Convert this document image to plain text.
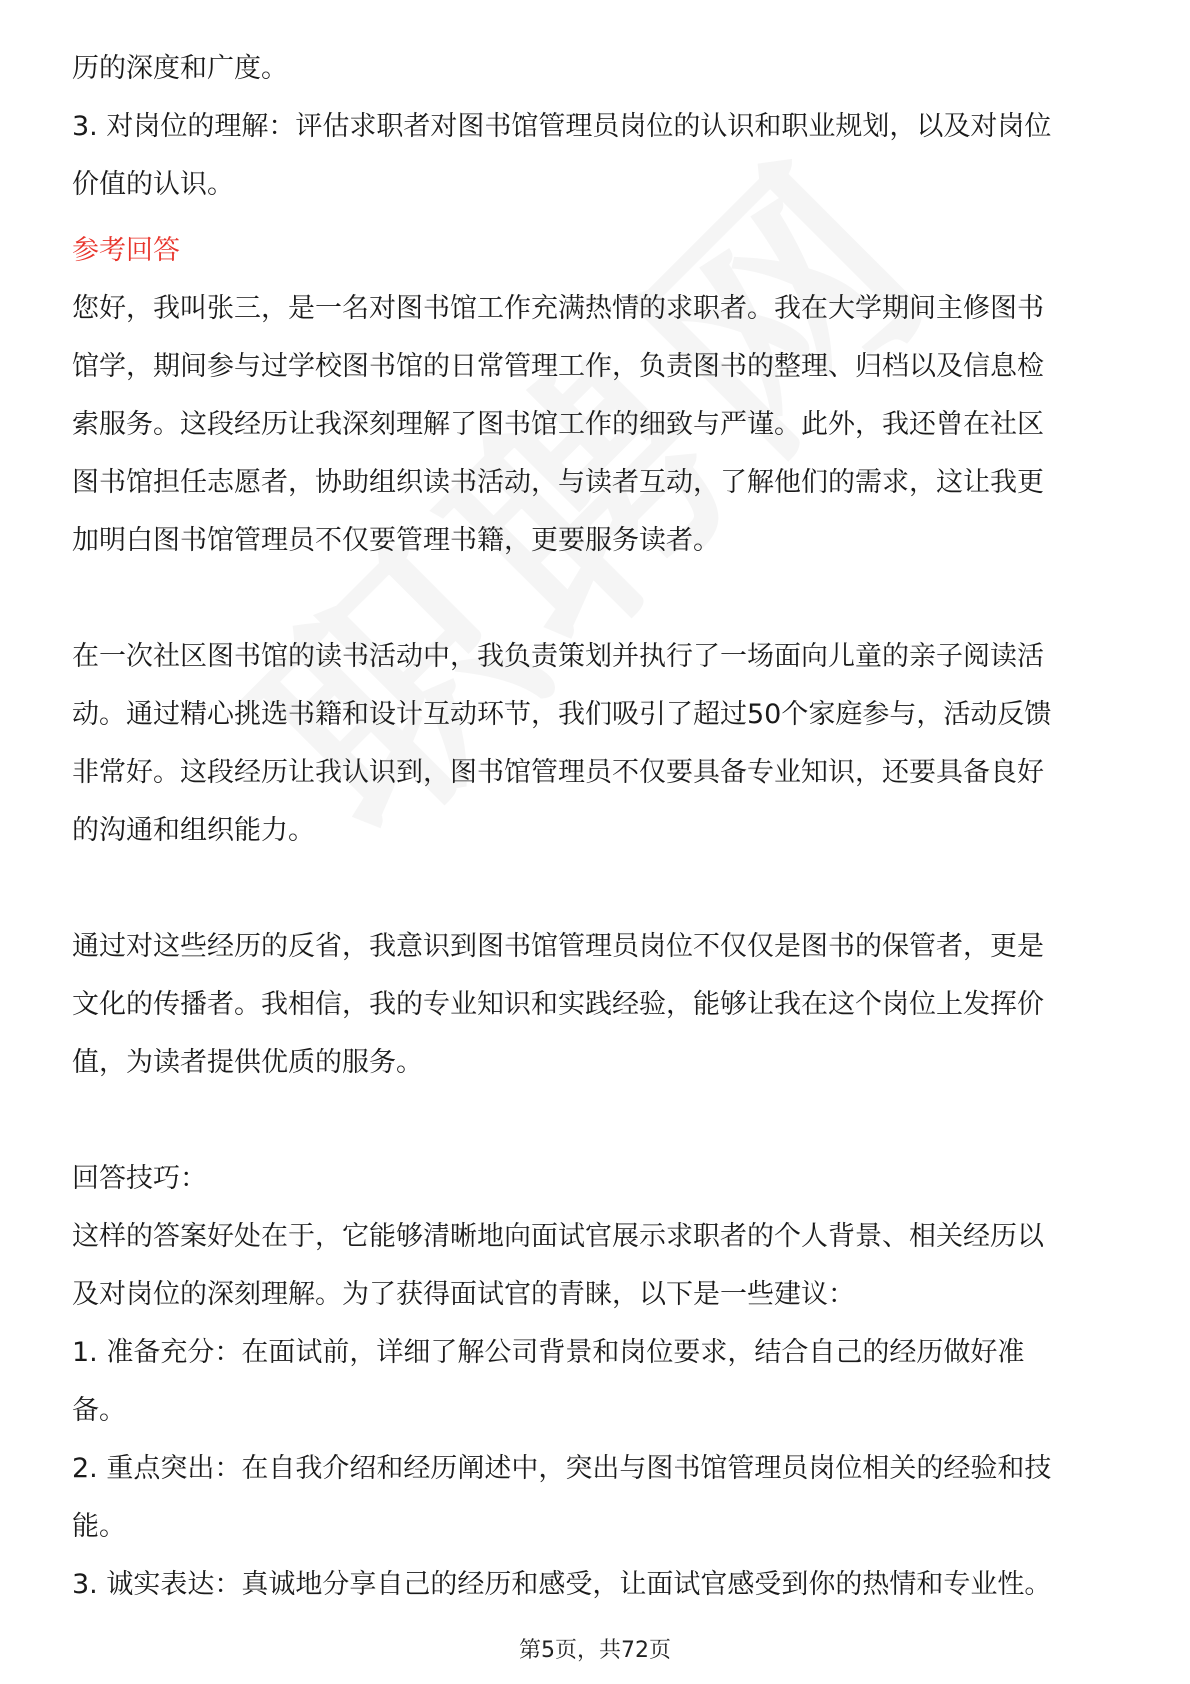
历的深度和广度。

3. 对岗位的理解：评估求职者对图书馆管理员岗位的认识和职业规划，以及对岗位

价值的认识。

参考回答

您好，我叫张三，是一名对图书馆工作充满热情的求职者。我在大学期间主修图书

馆学，期间参与过学校图书馆的日常管理工作，负责图书的整理、归档以及信息检

索服务。这段经历让我深刻理解了图书馆工作的细致与严谨。此外，我还曾在社区

图书馆担任志愿者，协助组织读书活动，与读者互动，了解他们的需求，这让我更

加明白图书馆管理员不仅要管理书籍，更要服务读者。

在一次社区图书馆的读书活动中，我负责策划并执行了一场面向儿童的亲子阅读活

动。通过精心挑选书籍和设计互动环节，我们吸引了超过50个家庭参与，活动反馈

非常好。这段经历让我认识到，图书馆管理员不仅要具备专业知识，还要具备良好

的沟通和组织能力。

通过对这些经历的反省，我意识到图书馆管理员岗位不仅仅是图书的保管者，更是

文化的传播者。我相信，我的专业知识和实践经验，能够让我在这个岗位上发挥价

值，为读者提供优质的服务。

回答技巧：

这样的答案好处在于，它能够清晰地向面试官展示求职者的个人背景、相关经历以

及对岗位的深刻理解。为了获得面试官的青睐，以下是一些建议：

1. 准备充分：在面试前，详细了解公司背景和岗位要求，结合自己的经历做好准

备。

2. 重点突出：在自我介绍和经历阐述中，突出与图书馆管理员岗位相关的经验和技

能。

3. 诚实表达：真诚地分享自己的经历和感受，让面试官感受到你的热情和专业性。

第5页，共72页
